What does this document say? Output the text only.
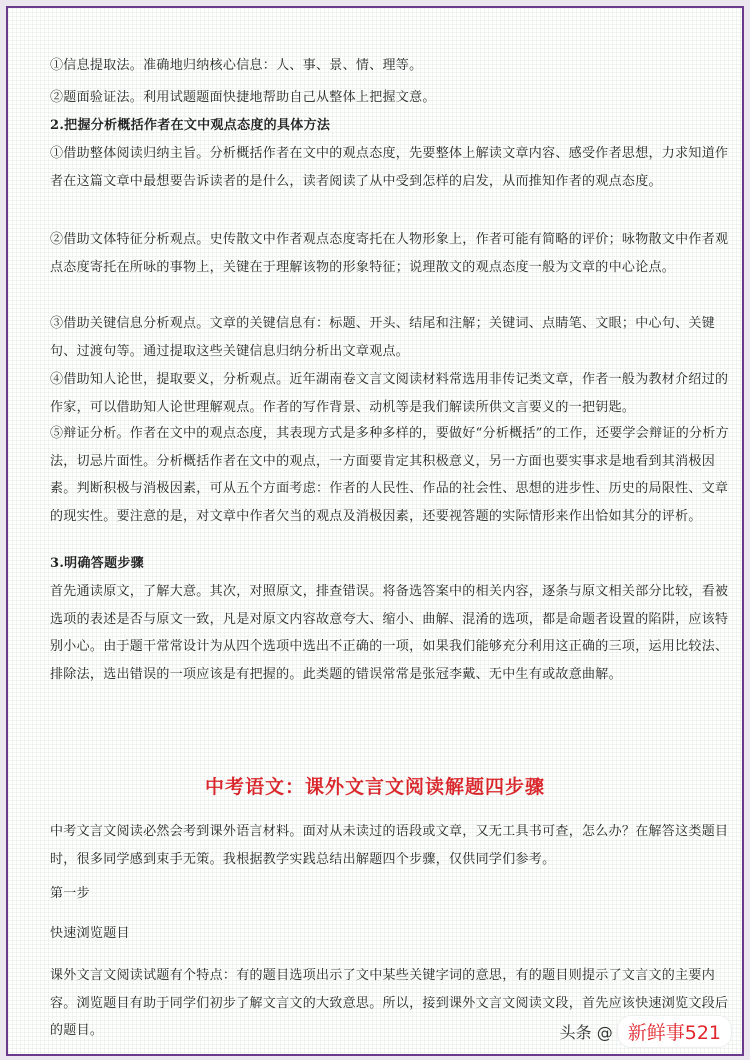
①信息提取法。准确地归纳核心信息：人、事、景、情、理等。

②题面验证法。利用试题题面快捷地帮助自己从整体上把握文意。

2.把握分析概括作者在文中观点态度的具体方法

①借助整体阅读归纳主旨。分析概括作者在文中的观点态度，先要整体上解读文章内容、感受作者思想，力求知道作者在这篇文章中最想要告诉读者的是什么，读者阅读了从中受到怎样的启发，从而推知作者的观点态度。

②借助文体特征分析观点。史传散文中作者观点态度寄托在人物形象上，作者可能有简略的评价；咏物散文中作者观点态度寄托在所咏的事物上，关键在于理解该物的形象特征；说理散文的观点态度一般为文章的中心论点。

③借助关键信息分析观点。文章的关键信息有：标题、开头、结尾和注解；关键词、点睛笔、文眼；中心句、关键句、过渡句等。通过提取这些关键信息归纳分析出文章观点。

④借助知人论世，提取要义，分析观点。近年湖南卷文言文阅读材料常选用非传记类文章，作者一般为教材介绍过的作家，可以借助知人论世理解观点。作者的写作背景、动机等是我们解读所供文言要义的一把钥匙。

⑤辩证分析。作者在文中的观点态度，其表现方式是多种多样的，要做好“分析概括”的工作，还要学会辩证的分析方法，切忌片面性。分析概括作者在文中的观点，一方面要肯定其积极意义，另一方面也要实事求是地看到其消极因素。判断积极与消极因素，可从五个方面考虑：作者的人民性、作品的社会性、思想的进步性、历史的局限性、文章的现实性。要注意的是，对文章中作者欠当的观点及消极因素，还要视答题的实际情形来作出恰如其分的评析。

3.明确答题步骤

首先通读原文，了解大意。其次，对照原文，排查错误。将备选答案中的相关内容，逐条与原文相关部分比较，看被选项的表述是否与原文一致，凡是对原文内容故意夸大、缩小、曲解、混淆的选项，都是命题者设置的陷阱，应该特别小心。由于题干常常设计为从四个选项中选出不正确的一项，如果我们能够充分利用这正确的三项，运用比较法、排除法，选出错误的一项应该是有把握的。此类题的错误常常是张冠李戴、无中生有或故意曲解。

中考语文：课外文言文阅读解题四步骤

中考文言文阅读必然会考到课外语言材料。面对从未读过的语段或文章，又无工具书可查，怎么办？在解答这类题目时，很多同学感到束手无策。我根据教学实践总结出解题四个步骤，仅供同学们参考。

第一步

快速浏览题目

课外文言文阅读试题有个特点：有的题目选项出示了文中某些关键字词的意思，有的题目则提示了文言文的主要内容。浏览题目有助于同学们初步了解文言文的大致意思。所以，接到课外文言文阅读文段，首先应该快速浏览文段后的题目。	头条 @ 新鲜事521
